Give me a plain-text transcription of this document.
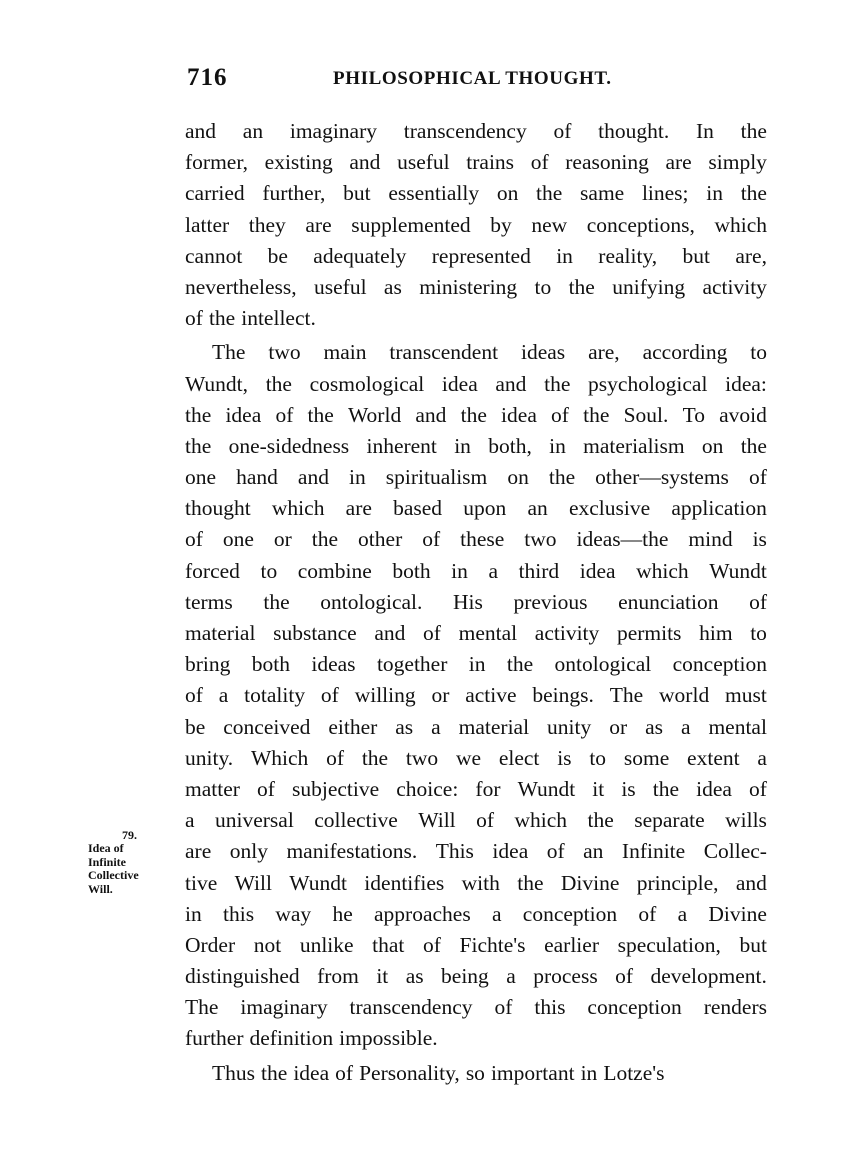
716	PHILOSOPHICAL THOUGHT.
79.
Idea of
Infinite
Collective
Will.
and an imaginary transcendency of thought. In the
former, existing and useful trains of reasoning are simply
carried further, but essentially on the same lines; in the
latter they are supplemented by new conceptions, which
cannot be adequately represented in reality, but are,
nevertheless, useful as ministering to the unifying activity
of the intellect.
The two main transcendent ideas are, according to
Wundt, the cosmological idea and the psychological idea:
the idea of the World and the idea of the Soul. To avoid
the one-sidedness inherent in both, in materialism on the
one hand and in spiritualism on the other—systems of
thought which are based upon an exclusive application
of one or the other of these two ideas—the mind is
forced to combine both in a third idea which Wundt
terms the ontological. His previous enunciation of
material substance and of mental activity permits him to
bring both ideas together in the ontological conception
of a totality of willing or active beings. The world must
be conceived either as a material unity or as a mental
unity. Which of the two we elect is to some extent a
matter of subjective choice: for Wundt it is the idea of
a universal collective Will of which the separate wills
are only manifestations. This idea of an Infinite Collec-
tive Will Wundt identifies with the Divine principle, and
in this way he approaches a conception of a Divine
Order not unlike that of Fichte's earlier speculation, but
distinguished from it as being a process of development.
The imaginary transcendency of this conception renders
further definition impossible.
Thus the idea of Personality, so important in Lotze's
